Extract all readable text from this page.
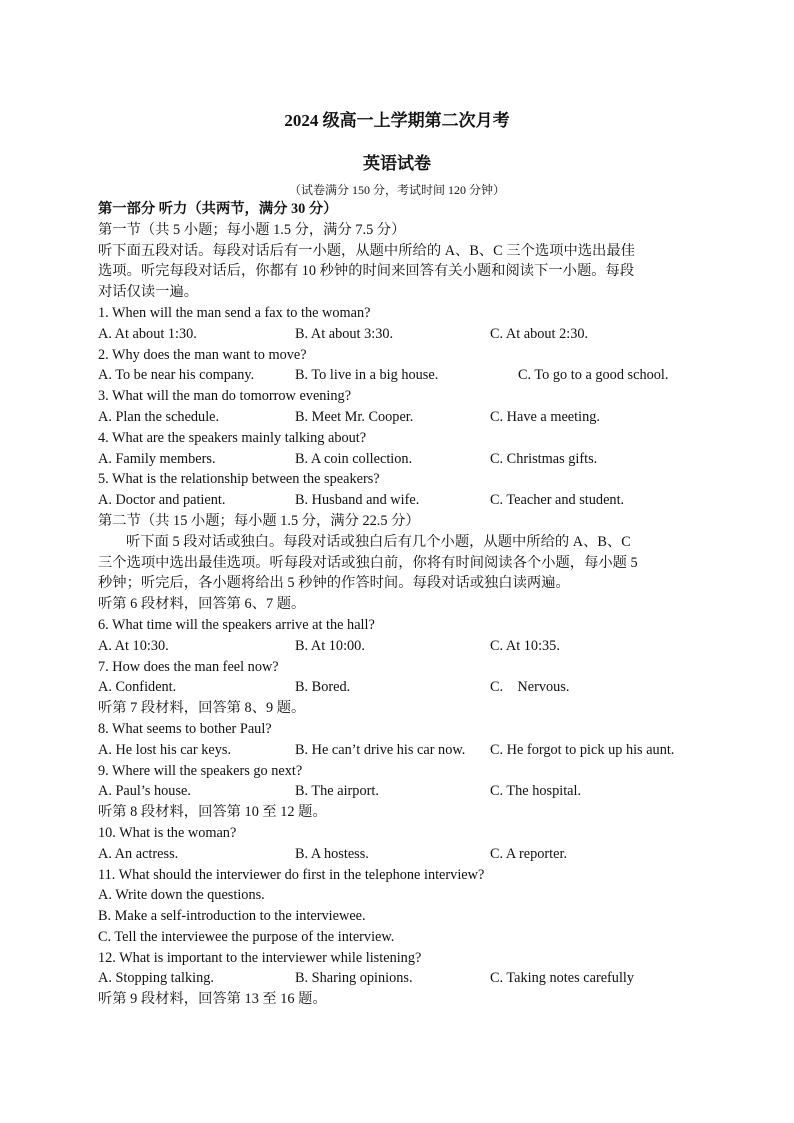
2024 级高一上学期第二次月考
英语试卷
（试卷满分 150 分，考试时间 120 分钟）
第一部分 听力（共两节，满分 30 分）
第一节（共 5 小题；每小题 1.5 分，满分 7.5 分）
听下面五段对话。每段对话后有一小题，从题中所给的 A、B、C 三个选项中选出最佳
选项。听完每段对话后，你都有 10 秒钟的时间来回答有关小题和阅读下一小题。每段
对话仅读一遍。
1. When will the man send a fax to the woman?
A. At about 1:30.	B. At about 3:30.	C. At about 2:30.
2. Why does the man want to move?
A. To be near his company.	B. To live in a big house.	C. To go to a good school.
3. What will the man do tomorrow evening?
A. Plan the schedule.	B. Meet Mr. Cooper.	C. Have a meeting.
4. What are the speakers mainly talking about?
A. Family members.	B. A coin collection.	C. Christmas gifts.
5. What is the relationship between the speakers?
A. Doctor and patient.	B. Husband and wife.	C. Teacher and student.
第二节（共 15 小题；每小题 1.5 分，满分 22.5 分）
听下面 5 段对话或独白。每段对话或独白后有几个小题，从题中所给的 A、B、C
三个选项中选出最佳选项。听每段对话或独白前，你将有时间阅读各个小题，每小题 5
秒钟；听完后，各小题将给出 5 秒钟的作答时间。每段对话或独白读两遍。
听第 6 段材料，回答第 6、7 题。
6. What time will the speakers arrive at the hall?
A. At 10:30.	B. At 10:00.	C. At 10:35.
7. How does the man feel now?
A. Confident.	B. Bored.	C.    Nervous.
听第 7 段材料，回答第 8、9 题。
8. What seems to bother Paul?
A. He lost his car keys.	B. He can’t drive his car now. C. He forgot to pick up his aunt.
9. Where will the speakers go next?
A. Paul’s house.	B. The airport.	C. The hospital.
听第 8 段材料，回答第 10 至 12 题。
10. What is the woman?
A. An actress.	B. A hostess.	C. A reporter.
11. What should the interviewer do first in the telephone interview?
A. Write down the questions.
B. Make a self-introduction to the interviewee.
C. Tell the interviewee the purpose of the interview.
12. What is important to the interviewer while listening?
A. Stopping talking.	B. Sharing opinions.	C. Taking notes carefully
听第 9 段材料，回答第 13 至 16 题。
